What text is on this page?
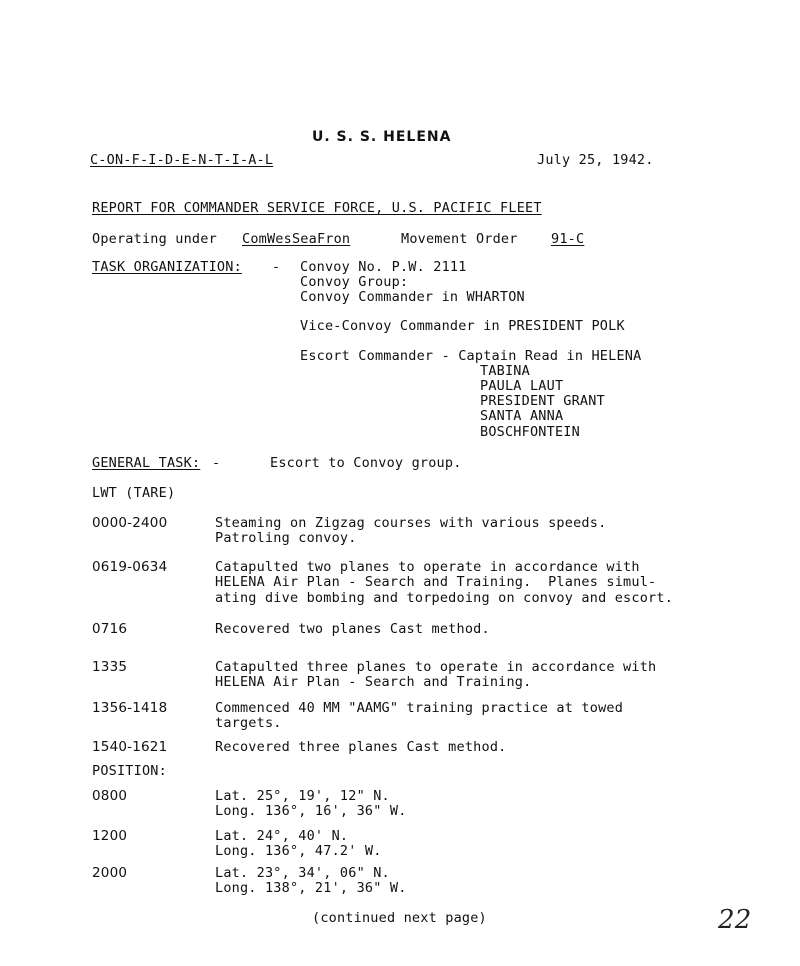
U. S. S. HELENA
C-ON-F-I-D-E-N-T-I-A-L	July 25, 1942.
REPORT FOR COMMANDER SERVICE FORCE, U.S. PACIFIC FLEET
Operating under ComWesSeaFron	Movement Order 91-C
TASK ORGANIZATION: - Convoy No. P.W. 2111
Convoy Group:
Convoy Commander in WHARTON
Vice-Convoy Commander in PRESIDENT POLK
Escort Commander - Captain Read in HELENA
TABINA
PAULA LAUT
PRESIDENT GRANT
SANTA ANNA
BOSCHFONTEIN
GENERAL TASK: -	Escort to Convoy group.
LWT (TARE)
0000-2400	Steaming on Zigzag courses with various speeds.
Patroling convoy.
0619-0634	Catapulted two planes to operate in accordance with
HELENA Air Plan - Search and Training.  Planes simul-
ating dive bombing and torpedoing on convoy and escort.
0716	Recovered two planes Cast method.
1335	Catapulted three planes to operate in accordance with
HELENA Air Plan - Search and Training.
1356-1418	Commenced 40 MM "AAMG" training practice at towed
targets.
1540-1621	Recovered three planes Cast method.
POSITION:
0800	Lat. 25°, 19', 12" N.
Long. 136°, 16', 36" W.
1200	Lat. 24°, 40' N.
Long. 136°, 47.2' W.
2000	Lat. 23°, 34', 06" N.
Long. 138°, 21', 36" W.
(continued next page)	22
